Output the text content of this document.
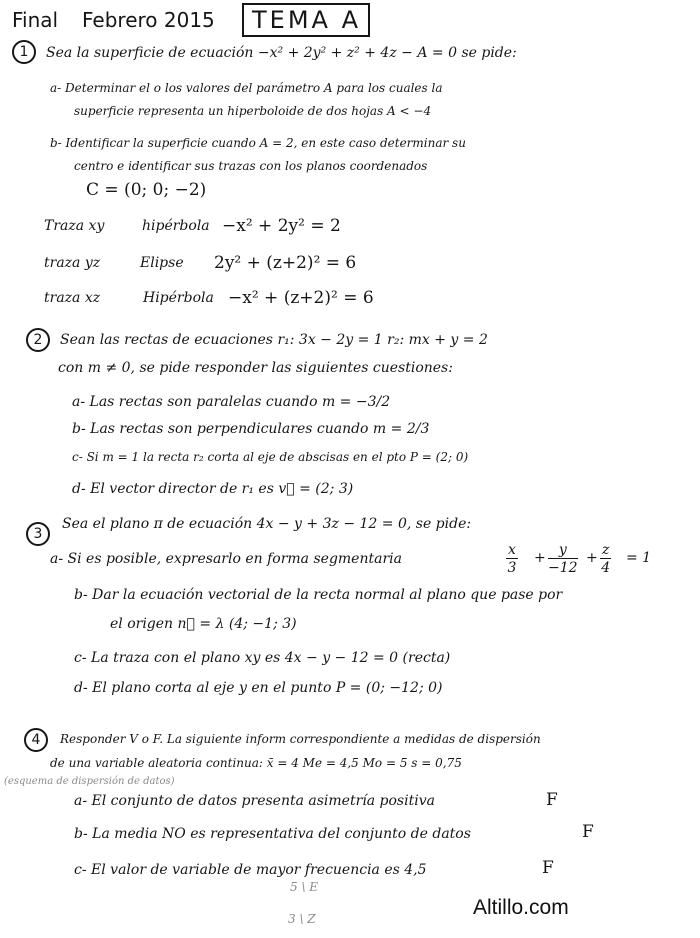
Final Febrero 2015 TEMA A
1	Sea la superficie de ecuación −x² + 2y² + z² + 4z − A = 0 se pide:
a- Determinar el o los valores del parámetro A para los cuales la
superficie representa un hiperboloide de dos hojas A < −4
b- Identificar la superficie cuando A = 2, en este caso determinar su
centro e identificar sus trazas con los planos coordenados
C = (0; 0; −2)
Traza xy	hipérbola −x² + 2y² = 2
traza yz	Elipse 2y² + (z+2)² = 6
traza xz	Hipérbola −x² + (z+2)² = 6
2	Sean las rectas de ecuaciones r₁: 3x − 2y = 1 r₂: mx + y = 2
con m ≠ 0, se pide responder las siguientes cuestiones:
a- Las rectas son paralelas cuando m = −3/2
b- Las rectas son perpendiculares cuando m = 2/3
c- Si m = 1 la recta r₂ corta al eje de abscisas en el pto P = (2; 0)
d- El vector director de r₁ es v⃗ = (2; 3)
3
Sea el plano π de ecuación 4x − y + 3z − 12 = 0, se pide:
a- Si es posible, expresarlo en forma segmentaria	$\frac{x}{3} + \frac{y}{-12} + \frac{z}{4} = 1$
b- Dar la ecuación vectorial de la recta normal al plano que pase por
el origen n⃗ = λ (4; −1; 3)
c- La traza con el plano xy es 4x − y − 12 = 0 (recta)
d- El plano corta al eje y en el punto P = (0; −12; 0)
4	Responder V o F. La siguiente inform correspondiente a medidas de dispersión
de una variable aleatoria continua: x̄ = 4 Me = 4,5 Mo = 5 s = 0,75
(esquema de dispersión de datos)
a- El conjunto de datos presenta asimetría positiva	F
b- La media NO es representativa del conjunto de datos	F
c- El valor de variable de mayor frecuencia es 4,5	F
5 \ E
3 \ Z	Altillo.com
